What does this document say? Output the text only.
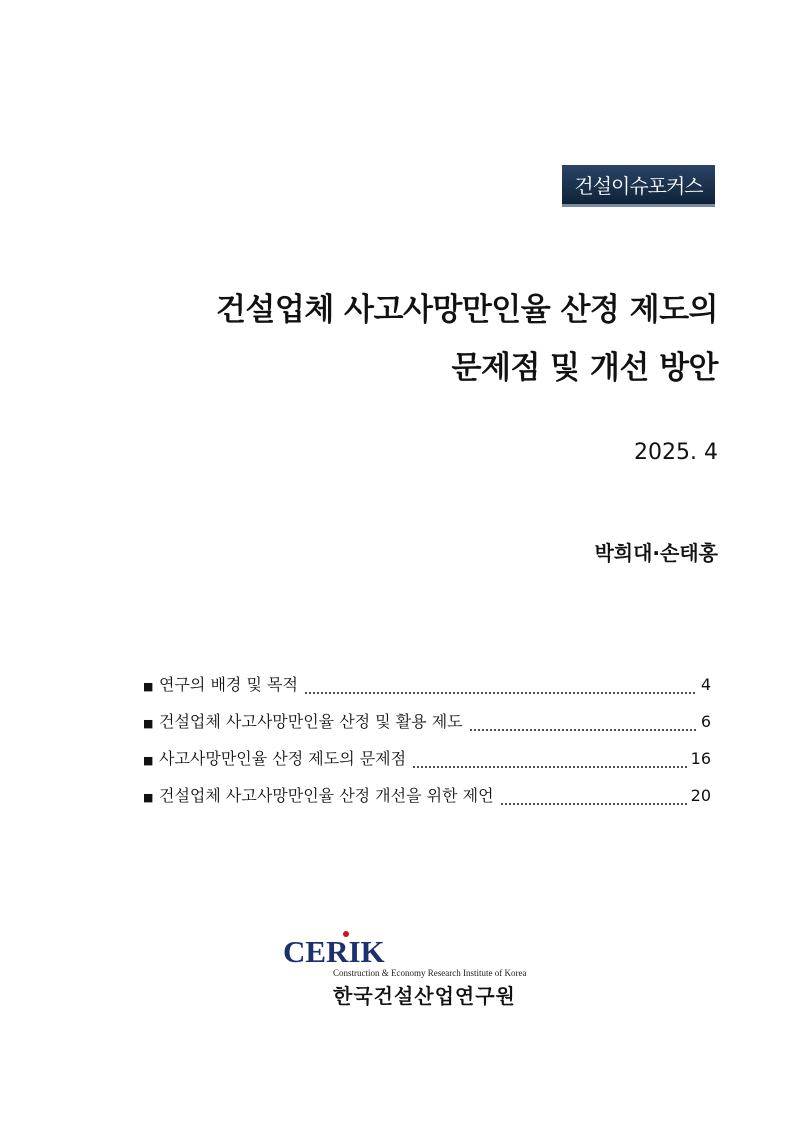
건설이슈포커스
건설업체 사고사망만인율 산정 제도의
문제점 및 개선 방안
2025. 4
박희대·손태홍
■ 연구의 배경 및 목적	4
■ 건설업체 사고사망만인율 산정 및 활용 제도	6
■ 사고사망만인율 산정 제도의 문제점	16
■ 건설업체 사고사망만인율 산정 개선을 위한 제언	20
CERIK
Construction & Economy Research Institute of Korea
한국건설산업연구원
